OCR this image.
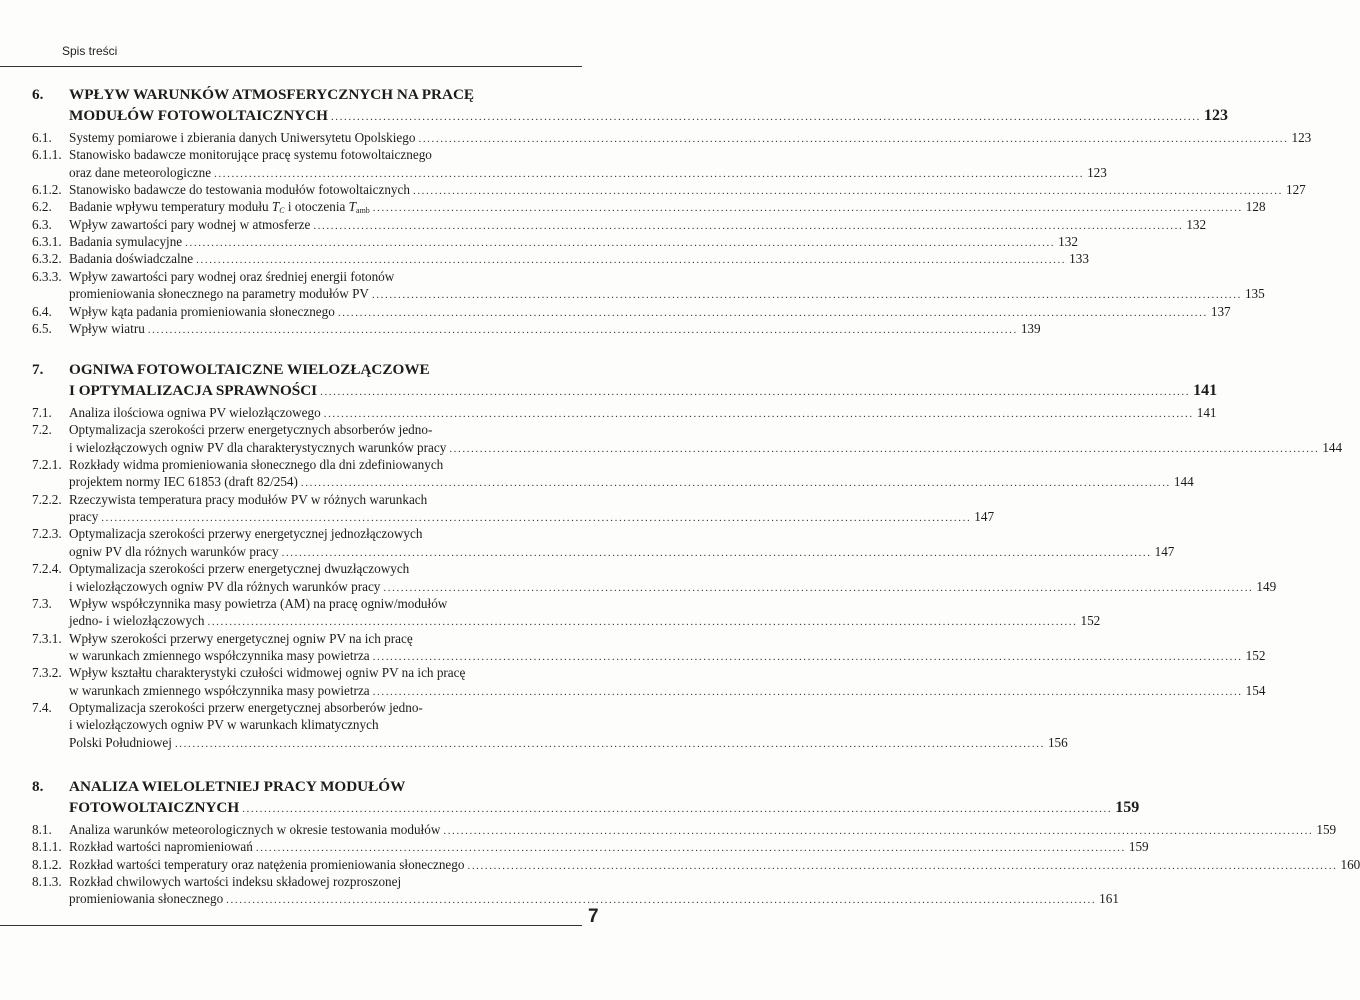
Spis treści
6. WPŁYW WARUNKÓW ATMOSFERYCZNYCH NA PRACĘ
MODUŁÓW FOTOWOLTAICZNYCH ........................................................................................................................................................................................................ 123
6.1. Systemy pomiarowe i zbierania danych Uniwersytetu Opolskiego ........................................................................................................................................................................................................ 123
6.1.1. Stanowisko badawcze monitorujące pracę systemu fotowoltaicznego
oraz dane meteorologiczne ........................................................................................................................................................................................................ 123
6.1.2. Stanowisko badawcze do testowania modułów fotowoltaicznych ........................................................................................................................................................................................................ 127
6.2. Badanie wpływu temperatury modułu $T_C$ i otoczenia $T_{amb}$ ........................................................................................................................................................................................................ 128
6.3. Wpływ zawartości pary wodnej w atmosferze ........................................................................................................................................................................................................ 132
6.3.1. Badania symulacyjne ........................................................................................................................................................................................................ 132
6.3.2. Badania doświadczalne ........................................................................................................................................................................................................ 133
6.3.3. Wpływ zawartości pary wodnej oraz średniej energii fotonów
promieniowania słonecznego na parametry modułów PV ........................................................................................................................................................................................................ 135
6.4. Wpływ kąta padania promieniowania słonecznego ........................................................................................................................................................................................................ 137
6.5. Wpływ wiatru ........................................................................................................................................................................................................ 139
7. OGNIWA FOTOWOLTAICZNE WIELOZŁĄCZOWE
I OPTYMALIZACJA SPRAWNOŚCI ........................................................................................................................................................................................................ 141
7.1. Analiza ilościowa ogniwa PV wielozłączowego ........................................................................................................................................................................................................ 141
7.2. Optymalizacja szerokości przerw energetycznych absorberów jedno-
i wielozłączowych ogniw PV dla charakterystycznych warunków pracy ........................................................................................................................................................................................................ 144
7.2.1. Rozkłady widma promieniowania słonecznego dla dni zdefiniowanych
projektem normy IEC 61853 (draft 82/254) ........................................................................................................................................................................................................ 144
7.2.2. Rzeczywista temperatura pracy modułów PV w różnych warunkach
pracy ........................................................................................................................................................................................................ 147
7.2.3. Optymalizacja szerokości przerwy energetycznej jednozłączowych
ogniw PV dla różnych warunków pracy ........................................................................................................................................................................................................ 147
7.2.4. Optymalizacja szerokości przerw energetycznej dwuzłączowych
i wielozłączowych ogniw PV dla różnych warunków pracy ........................................................................................................................................................................................................ 149
7.3. Wpływ współczynnika masy powietrza (AM) na pracę ogniw/modułów
jedno- i wielozłączowych ........................................................................................................................................................................................................ 152
7.3.1. Wpływ szerokości przerwy energetycznej ogniw PV na ich pracę
w warunkach zmiennego współczynnika masy powietrza ........................................................................................................................................................................................................ 152
7.3.2. Wpływ kształtu charakterystyki czułości widmowej ogniw PV na ich pracę
w warunkach zmiennego współczynnika masy powietrza ........................................................................................................................................................................................................ 154
7.4. Optymalizacja szerokości przerw energetycznej absorberów jedno-
i wielozłączowych ogniw PV w warunkach klimatycznych
Polski Południowej ........................................................................................................................................................................................................ 156
8. ANALIZA WIELOLETNIEJ PRACY MODUŁÓW
FOTOWOLTAICZNYCH ........................................................................................................................................................................................................ 159
8.1. Analiza warunków meteorologicznych w okresie testowania modułów ........................................................................................................................................................................................................ 159
8.1.1. Rozkład wartości napromieniowań ........................................................................................................................................................................................................ 159
8.1.2. Rozkład wartości temperatury oraz natężenia promieniowania słonecznego ........................................................................................................................................................................................................ 160
8.1.3. Rozkład chwilowych wartości indeksu składowej rozproszonej
promieniowania słonecznego ........................................................................................................................................................................................................ 161
7
